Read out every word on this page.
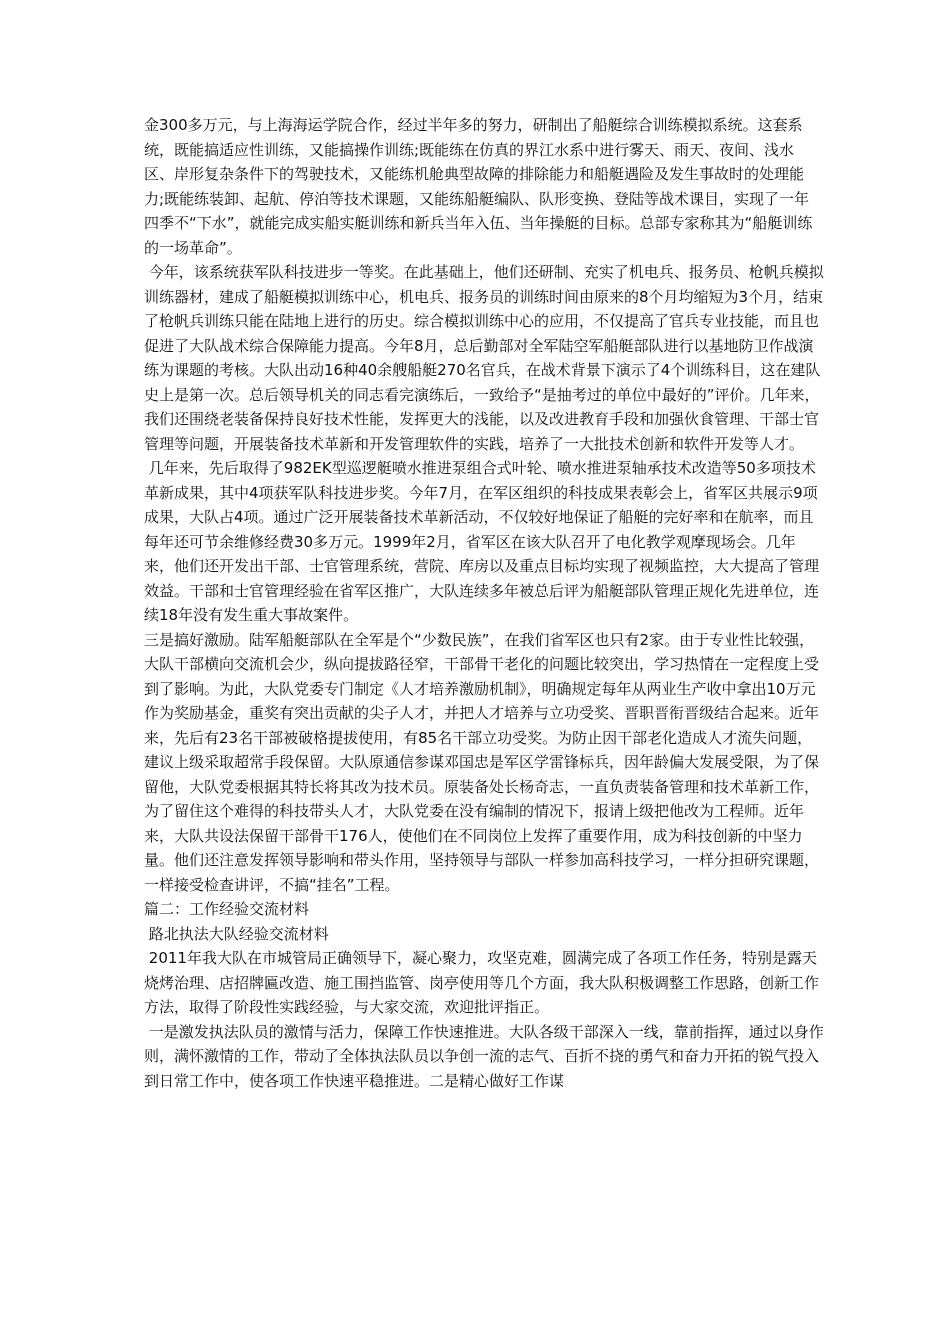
金300多万元，与上海海运学院合作，经过半年多的努力，研制出了船艇综合训练模拟系统。这套系统，既能搞适应性训练，又能搞操作训练;既能练在仿真的界江水系中进行雾天、雨天、夜间、浅水区、岸形复杂条件下的驾驶技术，又能练机舱典型故障的排除能力和船艇遇险及发生事故时的处理能力;既能练装卸、起航、停泊等技术课题，又能练船艇编队、队形变换、登陆等战术课目，实现了一年四季不“下水”，就能完成实船实艇训练和新兵当年入伍、当年操艇的目标。总部专家称其为“船艇训练的一场革命”。

今年，该系统获军队科技进步一等奖。在此基础上，他们还研制、充实了机电兵、报务员、枪帆兵模拟训练器材，建成了船艇模拟训练中心，机电兵、报务员的训练时间由原来的8个月均缩短为3个月，结束了枪帆兵训练只能在陆地上进行的历史。综合模拟训练中心的应用，不仅提高了官兵专业技能，而且也促进了大队战术综合保障能力提高。今年8月，总后勤部对全军陆空军船艇部队进行以基地防卫作战演练为课题的考核。大队出动16种40余艘船艇270名官兵，在战术背景下演示了4个训练科目，这在建队史上是第一次。总后领导机关的同志看完演练后，一致给予“是抽考过的单位中最好的”评价。几年来，我们还围绕老装备保持良好技术性能，发挥更大的浅能，以及改进教育手段和加强伙食管理、干部士官管理等问题，开展装备技术革新和开发管理软件的实践，培养了一大批技术创新和软件开发等人才。

几年来，先后取得了982EK型巡逻艇喷水推进泵组合式叶轮、喷水推进泵轴承技术改造等50多项技术革新成果，其中4项获军队科技进步奖。今年7月，在军区组织的科技成果表彰会上，省军区共展示9项成果，大队占4项。通过广泛开展装备技术革新活动，不仅较好地保证了船艇的完好率和在航率，而且每年还可节余维修经费30多万元。1999年2月，省军区在该大队召开了电化教学观摩现场会。几年来，他们还开发出干部、士官管理系统，营院、库房以及重点目标均实现了视频监控，大大提高了管理效益。干部和士官管理经验在省军区推广，大队连续多年被总后评为船艇部队管理正规化先进单位，连续18年没有发生重大事故案件。

三是搞好激励。陆军船艇部队在全军是个“少数民族”，在我们省军区也只有2家。由于专业性比较强，大队干部横向交流机会少，纵向提拔路径窄，干部骨干老化的问题比较突出，学习热情在一定程度上受到了影响。为此，大队党委专门制定《人才培养激励机制》，明确规定每年从两业生产收中拿出10万元作为奖励基金，重奖有突出贡献的尖子人才，并把人才培养与立功受奖、晋职晋衔晋级结合起来。近年来，先后有23名干部被破格提拔使用，有85名干部立功受奖。为防止因干部老化造成人才流失问题，建议上级采取超常手段保留。大队原通信参谋邓国忠是军区学雷锋标兵，因年龄偏大发展受限，为了保留他，大队党委根据其特长将其改为技术员。原装备处长杨奇志，一直负责装备管理和技术革新工作，为了留住这个难得的科技带头人才，大队党委在没有编制的情况下，报请上级把他改为工程师。近年来，大队共设法保留干部骨干176人，使他们在不同岗位上发挥了重要作用，成为科技创新的中坚力量。他们还注意发挥领导影响和带头作用，坚持领导与部队一样参加高科技学习，一样分担研究课题，一样接受检查讲评，不搞“挂名”工程。

篇二：工作经验交流材料

路北执法大队经验交流材料

2011年我大队在市城管局正确领导下，凝心聚力，攻坚克难，圆满完成了各项工作任务，特别是露天烧烤治理、店招牌匾改造、施工围挡监管、岗亭使用等几个方面，我大队积极调整工作思路，创新工作方法，取得了阶段性实践经验，与大家交流，欢迎批评指正。

一是激发执法队员的激情与活力，保障工作快速推进。大队各级干部深入一线，靠前指挥，通过以身作则，满怀激情的工作，带动了全体执法队员以争创一流的志气、百折不挠的勇气和奋力开拓的锐气投入到日常工作中，使各项工作快速平稳推进。二是精心做好工作谋
